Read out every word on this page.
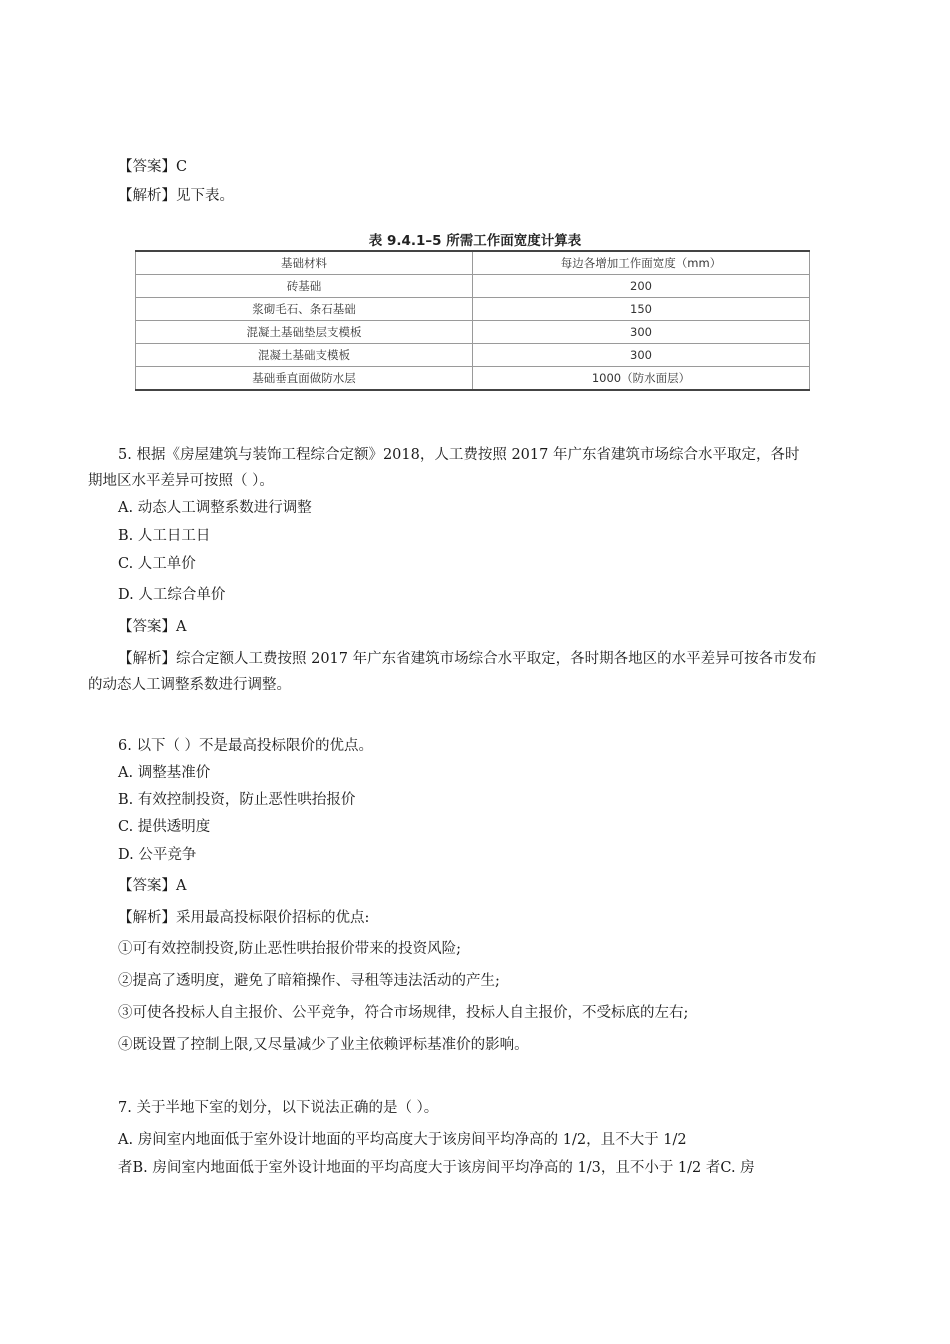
【答案】C
【解析】见下表。
表 9.4.1–5 所需工作面宽度计算表
基础材料	每边各增加工作面宽度（mm）
砖基础	200
浆砌毛石、条石基础	150
混凝土基础垫层支模板	300
混凝土基础支模板	300
基础垂直面做防水层	1000（防水面层）
5. 根据《房屋建筑与装饰工程综合定额》2018，人工费按照 2017 年广东省建筑市场综合水平取定，各时
期地区水平差异可按照（ ）。
A. 动态人工调整系数进行调整
B. 人工日工日
C. 人工单价
D. 人工综合单价
【答案】A
【解析】综合定额人工费按照 2017 年广东省建筑市场综合水平取定，各时期各地区的水平差异可按各市发布
的动态人工调整系数进行调整。
6. 以下（ ）不是最高投标限价的优点。
A. 调整基准价
B. 有效控制投资，防止恶性哄抬报价
C. 提供透明度
D. 公平竞争
【答案】A
【解析】采用最高投标限价招标的优点:
①可有效控制投资,防止恶性哄抬报价带来的投资风险;
②提高了透明度，避免了暗箱操作、寻租等违法活动的产生;
③可使各投标人自主报价、公平竞争，符合市场规律，投标人自主报价，不受标底的左右;
④既设置了控制上限,又尽量减少了业主依赖评标基准价的影响。
7. 关于半地下室的划分，以下说法正确的是（ ）。
A. 房间室内地面低于室外设计地面的平均高度大于该房间平均净高的 1/2，且不大于 1/2
者B. 房间室内地面低于室外设计地面的平均高度大于该房间平均净高的 1/3，且不小于 1/2 者C. 房
